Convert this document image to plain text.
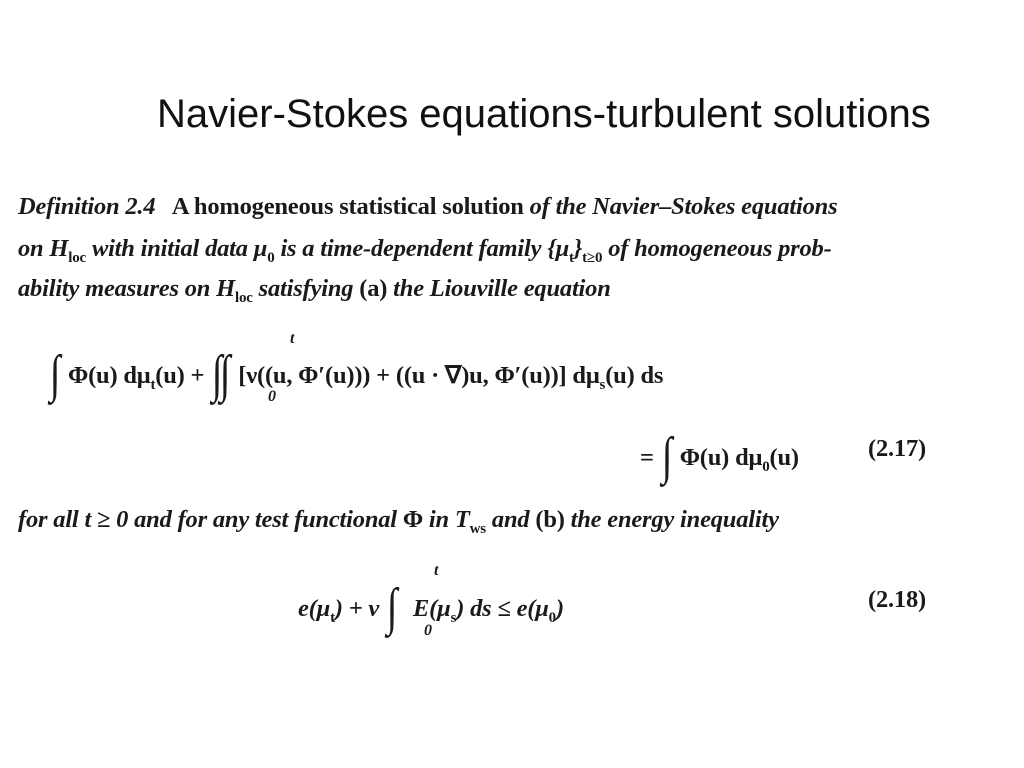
Navier-Stokes equations-turbulent solutions
Definition 2.4 A homogeneous statistical solution of the Navier–Stokes equations
on $H_{loc}$ with initial data $\mu_0$ is a time-dependent family $\{\mu_t\}_{t\ge 0}$ of homogeneous prob-
ability measures on $H_{loc}$ satisfying (a) the Liouville equation
∫ Φ(u) $d\mu_t(u)$ + ∫∫ [ν((u, Φ′(u))) + ((u · ∇)u, Φ′(u))] $d\mu_s(u)$ ds
t
0
= ∫ Φ(u) $d\mu_0(u)$	(2.17)
for all t ≥ 0 and for any test functional Φ in $T_{ws}$ and (b) the energy inequality
$e(\mu_t) + \nu$ ∫ $E(\mu_s)$ ds ≤ $e(\mu_0)$
t
0
(2.18)
